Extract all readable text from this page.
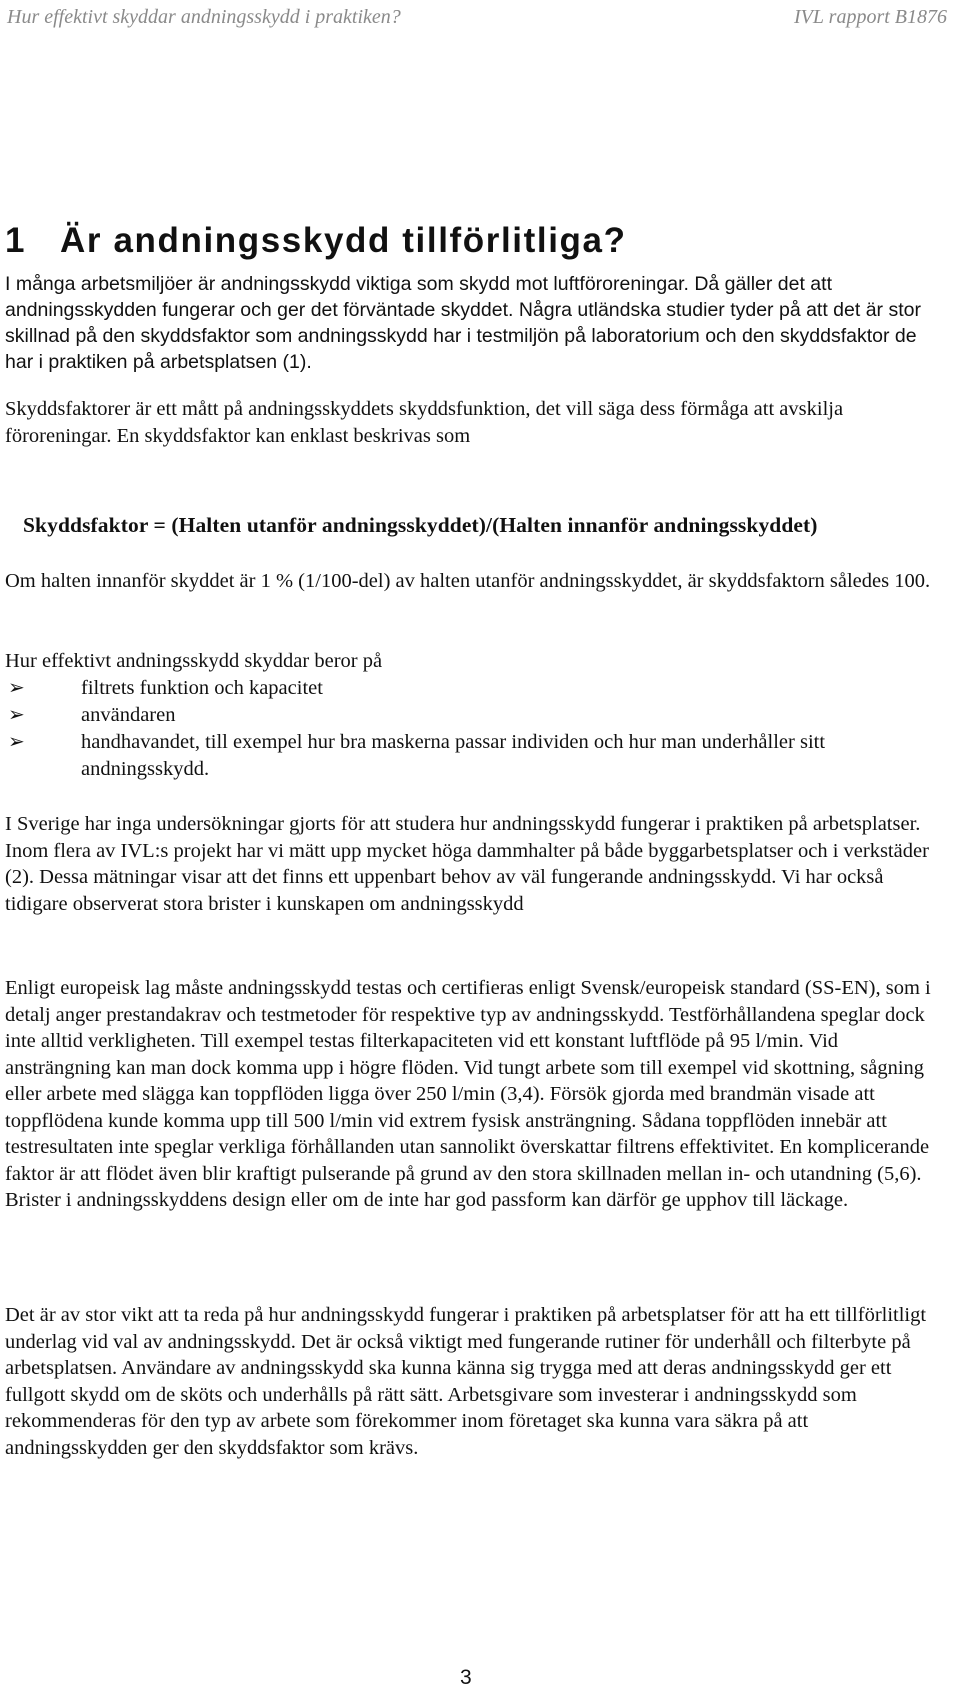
Hur effektivt skyddar andningsskydd i praktiken?	IVL rapport B1876
1   Är andningsskydd tillförlitliga?

I många arbetsmiljöer är andningsskydd viktiga som skydd mot luftföroreningar. Då gäller det att andningsskydden fungerar och ger det förväntade skyddet. Några utländska studier tyder på att det är stor skillnad på den skyddsfaktor som andningsskydd har i testmiljön på laboratorium och den skyddsfaktor de har i praktiken på arbetsplatsen (1).

Skyddsfaktorer är ett mått på andningsskyddets skyddsfunktion, det vill säga dess förmåga att avskilja föroreningar. En skyddsfaktor kan enklast beskrivas som

Skyddsfaktor = (Halten utanför andningsskyddet)/(Halten innanför andningsskyddet)

Om halten innanför skyddet är 1 % (1/100-del) av halten utanför andningsskyddet, är skyddsfaktorn således 100.

Hur effektivt andningsskydd skyddar beror på

➢	filtrets funktion och kapacitet
➢	användaren
➢	handhavandet, till exempel hur bra maskerna passar individen och hur man underhåller sitt andningsskydd.

I Sverige har inga undersökningar gjorts för att studera hur andningsskydd fungerar i praktiken på arbetsplatser. Inom flera av IVL:s projekt har vi mätt upp mycket höga dammhalter på både byggarbetsplatser och i verkstäder (2). Dessa mätningar visar att det finns ett uppenbart behov av väl fungerande andningsskydd. Vi har också tidigare observerat stora brister i kunskapen om andningsskydd

Enligt europeisk lag måste andningsskydd testas och certifieras enligt Svensk/europeisk standard (SS-EN), som i detalj anger prestandakrav och testmetoder för respektive typ av andningsskydd. Testförhållandena speglar dock inte alltid verkligheten. Till exempel testas filterkapaciteten vid ett konstant luftflöde på 95 l/min. Vid ansträngning kan man dock komma upp i högre flöden. Vid tungt arbete som till exempel vid skottning, sågning eller arbete med slägga kan toppflöden ligga över 250 l/min (3,4). Försök gjorda med brandmän visade att toppflödena kunde komma upp till 500 l/min vid extrem fysisk ansträngning. Sådana toppflöden innebär att testresultaten inte speglar verkliga förhållanden utan sannolikt överskattar filtrens effektivitet. En komplicerande faktor är att flödet även blir kraftigt pulserande på grund av den stora skillnaden mellan in- och utandning (5,6). Brister i andningsskyddens design eller om de inte har god passform kan därför ge upphov till läckage.

Det är av stor vikt att ta reda på hur andningsskydd fungerar i praktiken på arbetsplatser för att ha ett tillförlitligt underlag vid val av andningsskydd. Det är också viktigt med fungerande rutiner för underhåll och filterbyte på arbetsplatsen. Användare av andningsskydd ska kunna känna sig trygga med att deras andningsskydd ger ett fullgott skydd om de sköts och underhålls på rätt sätt. Arbetsgivare som investerar i andningsskydd som rekommenderas för den typ av arbete som förekommer inom företaget ska kunna vara säkra på att andningsskydden ger den skyddsfaktor som krävs.

3
